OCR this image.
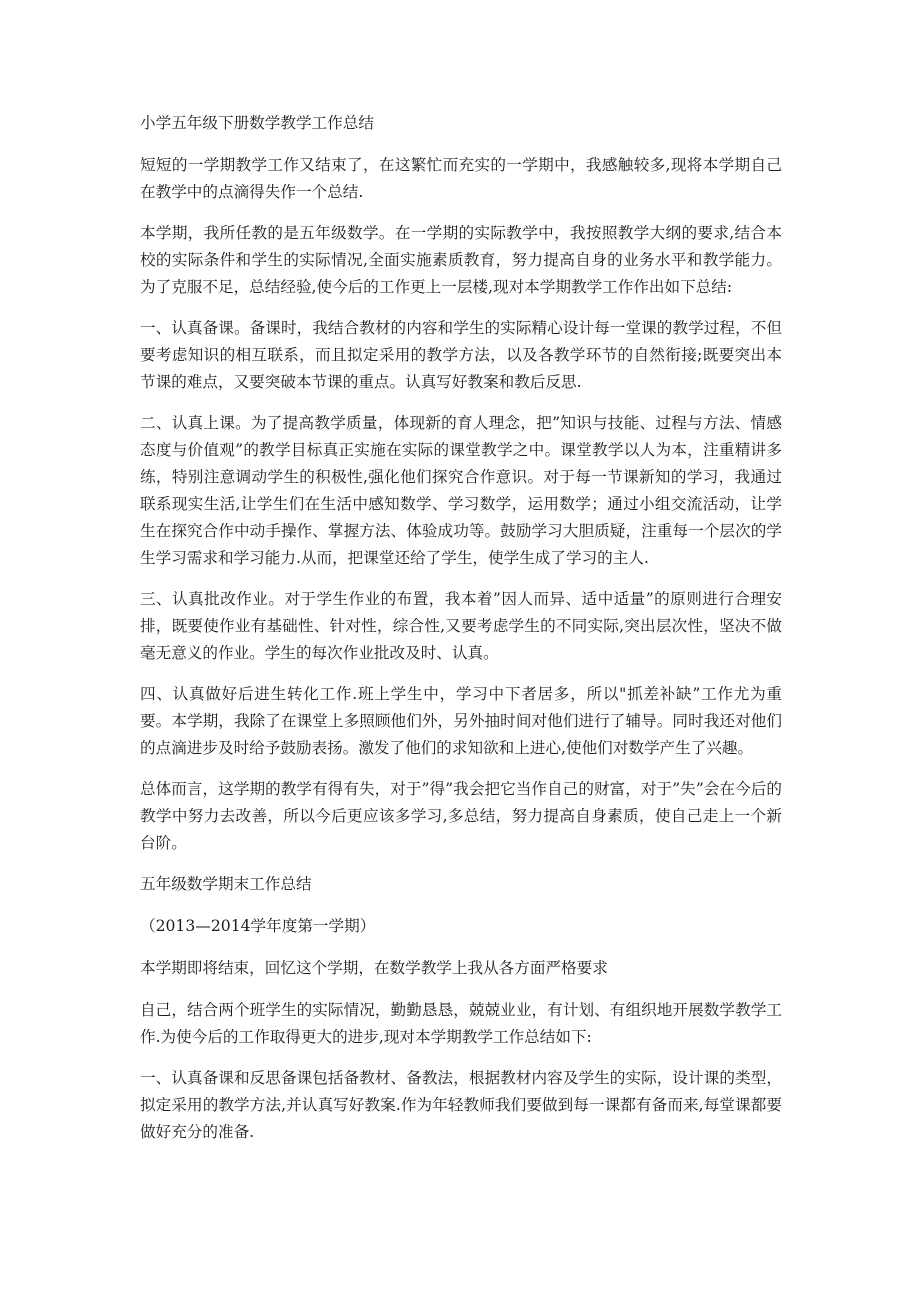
小学五年级下册数学教学工作总结

短短的一学期教学工作又结束了，在这繁忙而充实的一学期中，我感触较多,现将本学期自己在教学中的点滴得失作一个总结.

本学期，我所任教的是五年级数学。在一学期的实际教学中，我按照教学大纲的要求,结合本校的实际条件和学生的实际情况,全面实施素质教育，努力提高自身的业务水平和教学能力。为了克服不足，总结经验,使今后的工作更上一层楼,现对本学期教学工作作出如下总结:

一、认真备课。备课时，我结合教材的内容和学生的实际精心设计每一堂课的教学过程，不但要考虑知识的相互联系，而且拟定采用的教学方法，以及各教学环节的自然衔接;既要突出本节课的难点，又要突破本节课的重点。认真写好教案和教后反思.

二、认真上课。为了提高教学质量，体现新的育人理念，把”知识与技能、过程与方法、情感态度与价值观”的教学目标真正实施在实际的课堂教学之中。课堂教学以人为本，注重精讲多练，特别注意调动学生的积极性,强化他们探究合作意识。对于每一节课新知的学习，我通过联系现实生活,让学生们在生活中感知数学、学习数学，运用数学；通过小组交流活动，让学生在探究合作中动手操作、掌握方法、体验成功等。鼓励学习大胆质疑，注重每一个层次的学生学习需求和学习能力.从而，把课堂还给了学生，使学生成了学习的主人.

三、认真批改作业。对于学生作业的布置，我本着”因人而异、适中适量”的原则进行合理安排，既要使作业有基础性、针对性，综合性,又要考虑学生的不同实际,突出层次性，坚决不做毫无意义的作业。学生的每次作业批改及时、认真。

四、认真做好后进生转化工作.班上学生中，学习中下者居多，所以"抓差补缺”工作尤为重要。本学期，我除了在课堂上多照顾他们外，另外抽时间对他们进行了辅导。同时我还对他们的点滴进步及时给予鼓励表扬。激发了他们的求知欲和上进心,使他们对数学产生了兴趣。

总体而言，这学期的教学有得有失，对于”得”我会把它当作自己的财富，对于”失”会在今后的教学中努力去改善，所以今后更应该多学习,多总结，努力提高自身素质，使自己走上一个新台阶。

五年级数学期末工作总结

（2013—2014学年度第一学期）

本学期即将结束，回忆这个学期，在数学教学上我从各方面严格要求

自己，结合两个班学生的实际情况，勤勤恳恳，兢兢业业，有计划、有组织地开展数学教学工作.为使今后的工作取得更大的进步,现对本学期教学工作总结如下:

一、认真备课和反思备课包括备教材、备教法，根据教材内容及学生的实际，设计课的类型，拟定采用的教学方法,并认真写好教案.作为年轻教师我们要做到每一课都有备而来,每堂课都要做好充分的准备.
